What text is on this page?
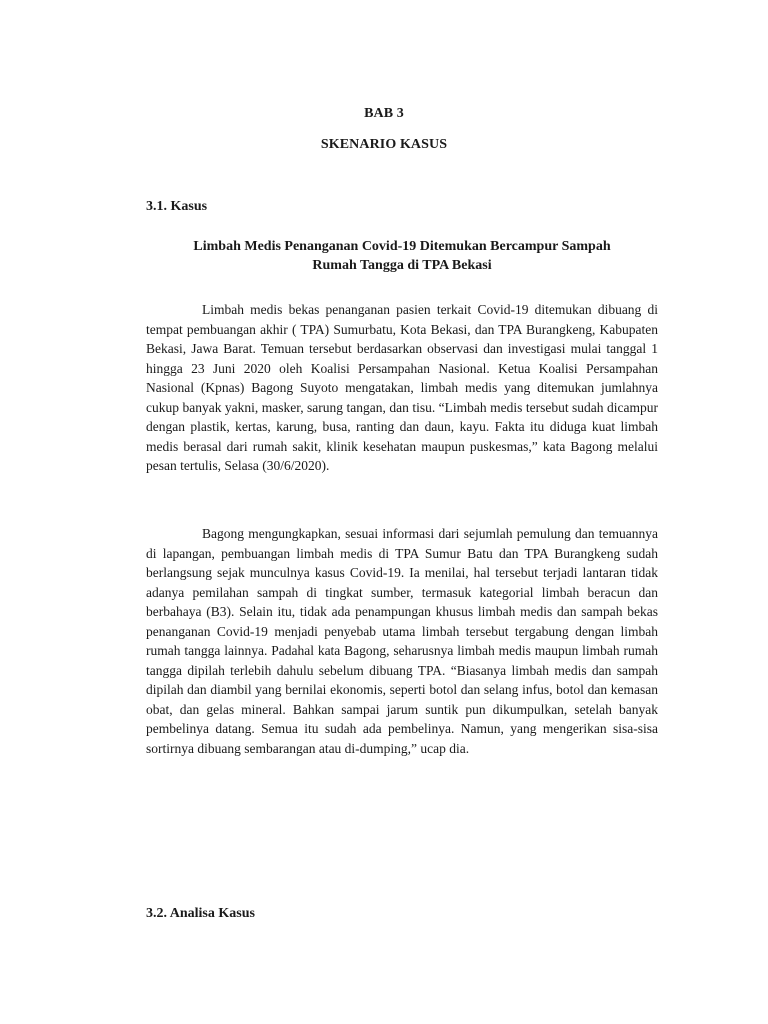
BAB 3
SKENARIO KASUS
3.1. Kasus
Limbah Medis Penanganan Covid-19 Ditemukan Bercampur Sampah
Rumah Tangga di TPA Bekasi

Limbah medis bekas penanganan pasien terkait Covid-19 ditemukan dibuang di tempat pembuangan akhir ( TPA) Sumurbatu, Kota Bekasi, dan TPA Burangkeng, Kabupaten Bekasi, Jawa Barat. Temuan tersebut berdasarkan observasi dan investigasi mulai tanggal 1 hingga 23 Juni 2020 oleh Koalisi Persampahan Nasional. Ketua Koalisi Persampahan Nasional (Kpnas) Bagong Suyoto mengatakan, limbah medis yang ditemukan jumlahnya cukup banyak yakni, masker, sarung tangan, dan tisu. “Limbah medis tersebut sudah dicampur dengan plastik, kertas, karung, busa, ranting dan daun, kayu. Fakta itu diduga kuat limbah medis berasal dari rumah sakit, klinik kesehatan maupun puskesmas,” kata Bagong melalui pesan tertulis, Selasa (30/6/2020).

Bagong mengungkapkan, sesuai informasi dari sejumlah pemulung dan temuannya di lapangan, pembuangan limbah medis di TPA Sumur Batu dan TPA Burangkeng sudah berlangsung sejak munculnya kasus Covid-19. Ia menilai, hal tersebut terjadi lantaran tidak adanya pemilahan sampah di tingkat sumber, termasuk kategorial limbah beracun dan berbahaya (B3). Selain itu, tidak ada penampungan khusus limbah medis dan sampah bekas penanganan Covid-19 menjadi penyebab utama limbah tersebut tergabung dengan limbah rumah tangga lainnya. Padahal kata Bagong, seharusnya limbah medis maupun limbah rumah tangga dipilah terlebih dahulu sebelum dibuang TPA. “Biasanya limbah medis dan sampah dipilah dan diambil yang bernilai ekonomis, seperti botol dan selang infus, botol dan kemasan obat, dan gelas mineral. Bahkan sampai jarum suntik pun dikumpulkan, setelah banyak pembelinya datang. Semua itu sudah ada pembelinya. Namun, yang mengerikan sisa-sisa sortirnya dibuang sembarangan atau di-dumping,” ucap dia.

3.2. Analisa Kasus
